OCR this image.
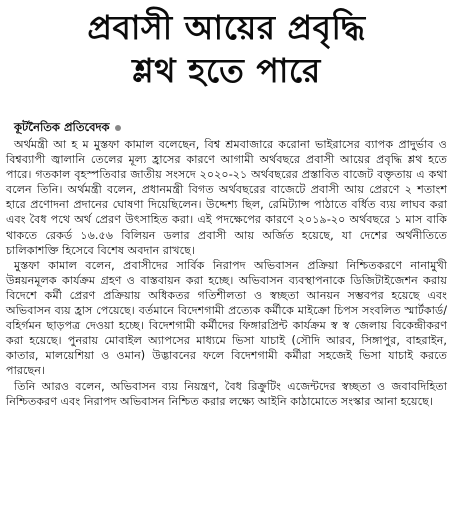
প্রবাসী আয়ের প্রবৃদ্ধি
শ্লথ হতে পারে
কূটনৈতিক প্রতিবেদক

অর্থমন্ত্রী আ হ ম মুস্তফা কামাল বলেছেন, বিশ্ব শ্রমবাজারে করোনা ভাইরাসের ব্যাপক প্রাদুর্ভাব ও বিশ্বব্যাপী জ্বালানি তেলের মূল্য হ্রাসের কারণে আগামী অর্থবছরে প্রবাসী আয়ের প্রবৃদ্ধি শ্লথ হতে পারে। গতকাল বৃহস্পতিবার জাতীয় সংসদে ২০২০-২১ অর্থবছরের প্রস্তাবিত বাজেট বক্তৃতায় এ কথা বলেন তিনি। অর্থমন্ত্রী বলেন, প্রধানমন্ত্রী বিগত অর্থবছরের বাজেটে প্রবাসী আয় প্রেরণে ২ শতাংশ হারে প্রণোদনা প্রদানের ঘোষণা দিয়েছিলেন। উদ্দেশ্য ছিল, রেমিট্যান্স পাঠাতে বর্ধিত ব্যয় লাঘব করা এবং বৈধ পথে অর্থ প্রেরণ উৎসাহিত করা। এই পদক্ষেপের কারণে ২০১৯-২০ অর্থবছরে ১ মাস বাকি থাকতে রেকর্ড ১৬.৫৬ বিলিয়ন ডলার প্রবাসী আয় অর্জিত হয়েছে, যা দেশের অর্থনীতিতে চালিকাশক্তি হিসেবে বিশেষ অবদান রাখছে।

মুস্তফা কামাল বলেন, প্রবাসীদের সার্বিক নিরাপদ অভিবাসন প্রক্রিয়া নিশ্চিতকরণে নানামুখী উন্নয়নমূলক কার্যক্রম গ্রহণ ও বাস্তবায়ন করা হচ্ছে। অভিবাসন ব্যবস্থাপনাকে ডিজিটাইজেশন করায় বিদেশে কর্মী প্রেরণ প্রক্রিয়ায় অধিকতর গতিশীলতা ও স্বচ্ছতা আনয়ন সম্ভবপর হয়েছে এবং অভিবাসন ব্যয় হ্রাস পেয়েছে। বর্তমানে বিদেশগামী প্রত্যেক কর্মীকে মাইক্রো চিপস সংবলিত স্মার্টকার্ড/বহির্গমন ছাড়পত্র দেওয়া হচ্ছে। বিদেশগামী কর্মীদের ফিঙ্গারপ্রিন্ট কার্যক্রম স্ব স্ব জেলায় বিকেন্দ্রীকরণ করা হয়েছে। পুনরায় মোবাইল অ্যাপসের মাধ্যমে ভিসা যাচাই (সৌদি আরব, সিঙ্গাপুর, বাহরাইন, কাতার, মালয়েশিয়া ও ওমান) উদ্ভাবনের ফলে বিদেশগামী কর্মীরা সহজেই ভিসা যাচাই করতে পারছেন।

তিনি আরও বলেন, অভিবাসন ব্যয় নিয়ন্ত্রণ, বৈধ রিক্রুটিং এজেন্টদের স্বচ্ছতা ও জবাবদিহিতা নিশ্চিতকরণ এবং নিরাপদ অভিবাসন নিশ্চিত করার লক্ষ্যে আইনি কাঠামোতে সংস্কার আনা হয়েছে।
